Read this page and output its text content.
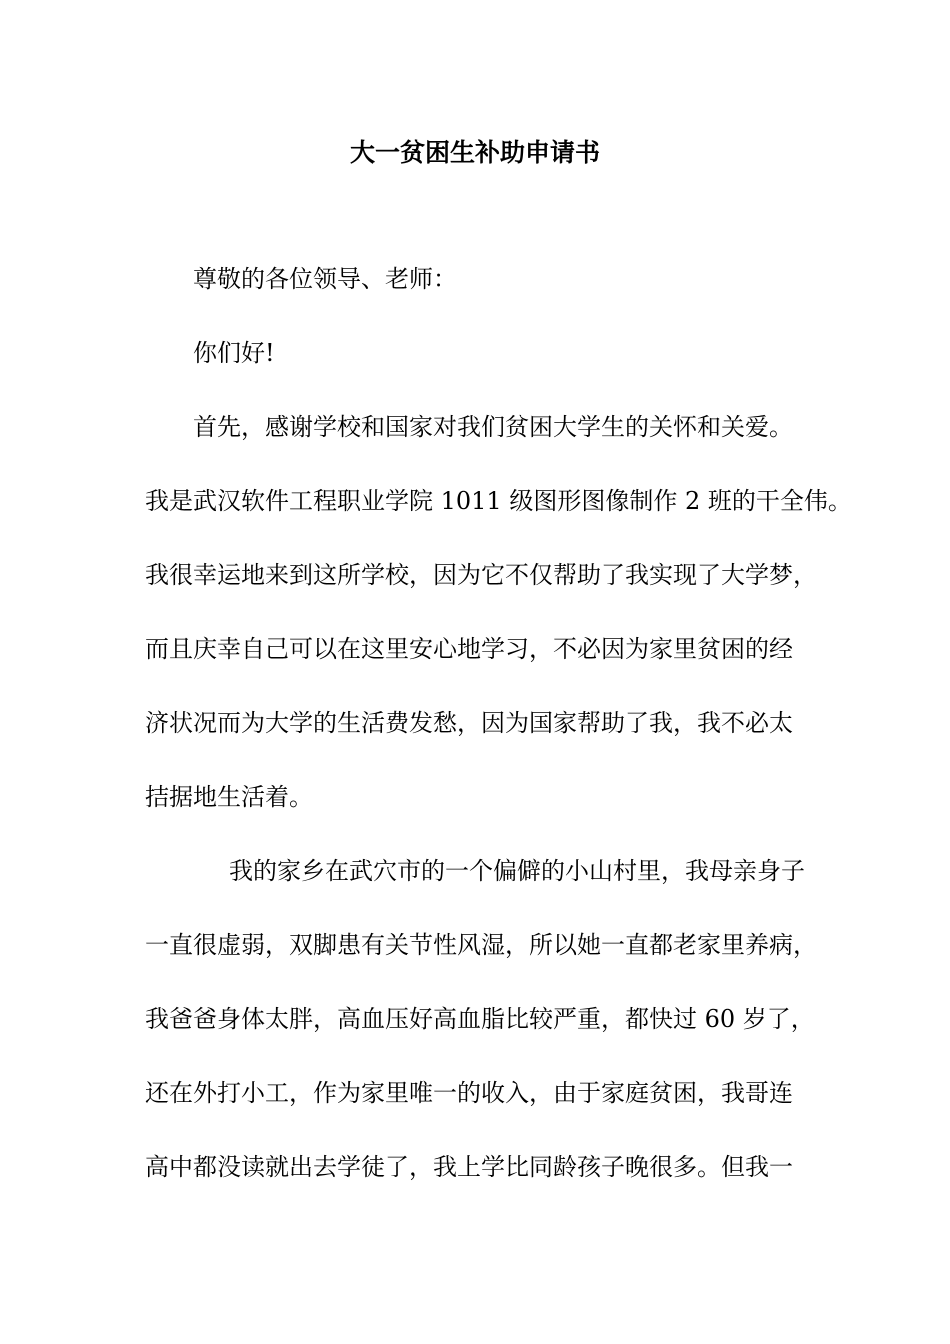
大一贫困生补助申请书

尊敬的各位领导、老师：

你们好!

首先，感谢学校和国家对我们贫困大学生的关怀和关爱。

我是武汉软件工程职业学院 1011 级图形图像制作 2 班的干全伟。

我很幸运地来到这所学校，因为它不仅帮助了我实现了大学梦，

而且庆幸自己可以在这里安心地学习，不必因为家里贫困的经

济状况而为大学的生活费发愁，因为国家帮助了我，我不必太

拮据地生活着。

我的家乡在武穴市的一个偏僻的小山村里，我母亲身子

一直很虚弱，双脚患有关节性风湿，所以她一直都老家里养病，

我爸爸身体太胖，高血压好高血脂比较严重，都快过 60 岁了，

还在外打小工，作为家里唯一的收入，由于家庭贫困，我哥连

高中都没读就出去学徒了，我上学比同龄孩子晚很多。但我一
